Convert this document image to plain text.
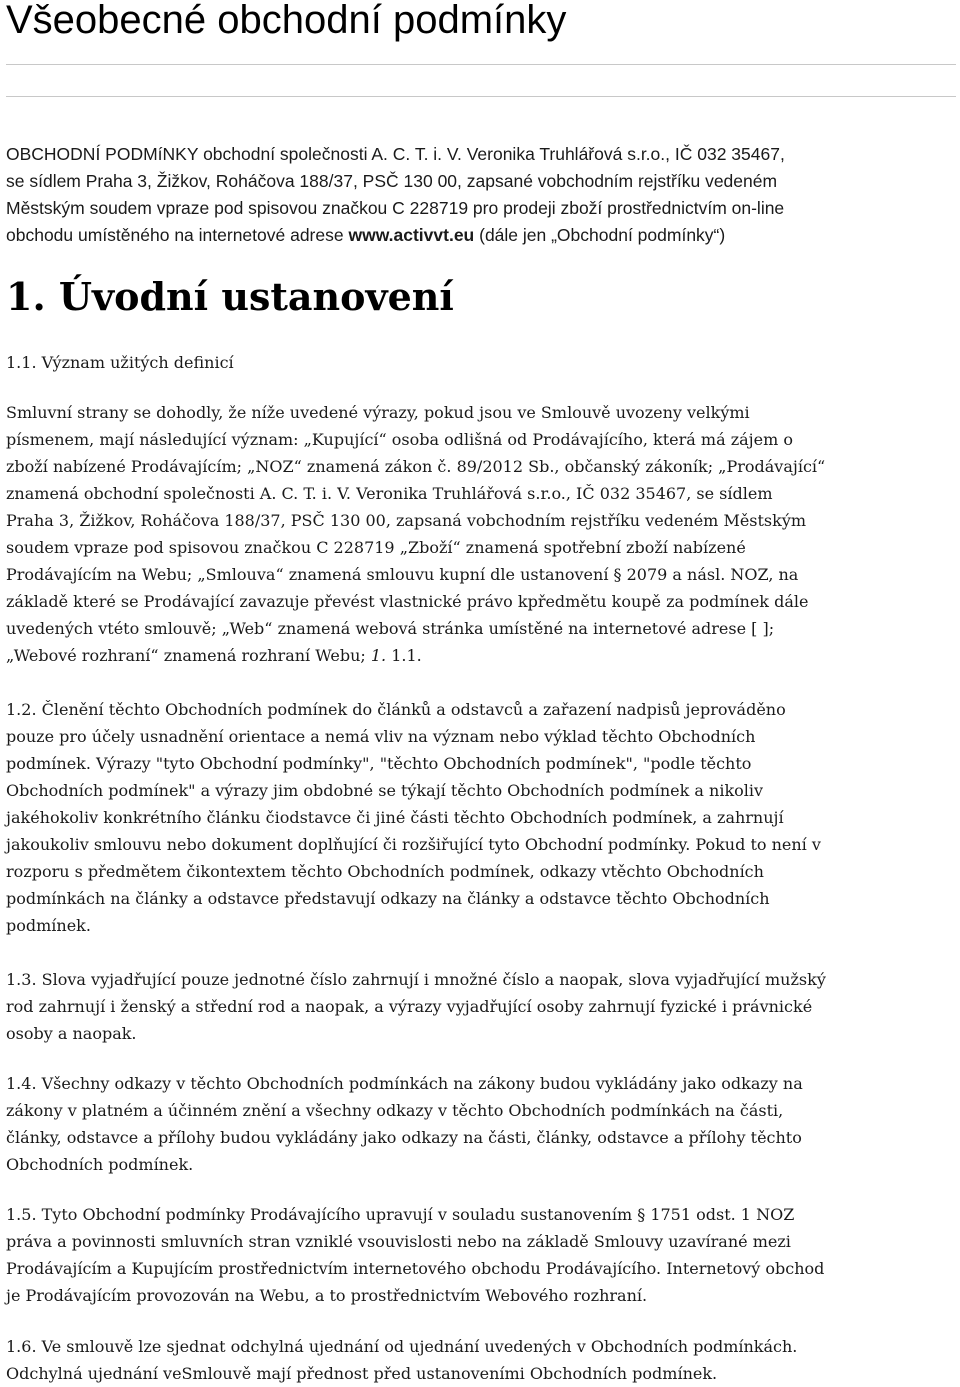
Všeobecné obchodní podmínky
OBCHODNÍ PODMíNKY obchodní společnosti A. C. T. i. V. Veronika Truhlářová s.r.o., IČ 032 35467,
se sídlem Praha 3, Žižkov, Roháčova 188/37, PSČ 130 00, zapsané vobchodním rejstříku vedeném
Městským soudem vpraze pod spisovou značkou C 228719 pro prodeji zboží prostřednictvím on-line
obchodu umístěného na internetové adrese www.activvt.eu (dále jen „Obchodní podmínky“)
1. Úvodní ustanovení
1.1. Význam užitých definicí
Smluvní strany se dohodly, že níže uvedené výrazy, pokud jsou ve Smlouvě uvozeny velkými
písmenem, mají následující význam: „Kupující“ osoba odlišná od Prodávajícího, která má zájem o
zboží nabízené Prodávajícím; „NOZ“ znamená zákon č. 89/2012 Sb., občanský zákoník; „Prodávající“
znamená obchodní společnosti A. C. T. i. V. Veronika Truhlářová s.r.o., IČ 032 35467, se sídlem
Praha 3, Žižkov, Roháčova 188/37, PSČ 130 00, zapsaná vobchodním rejstříku vedeném Městským
soudem vpraze pod spisovou značkou C 228719 „Zboží“ znamená spotřební zboží nabízené
Prodávajícím na Webu; „Smlouva“ znamená smlouvu kupní dle ustanovení § 2079 a násl. NOZ, na
základě které se Prodávající zavazuje převést vlastnické právo kpředmětu koupě za podmínek dále
uvedených vtéto smlouvě; „Web“ znamená webová stránka umístěné na internetové adrese [ ];
„Webové rozhraní“ znamená rozhraní Webu; 1. 1.1.
1.2. Členění těchto Obchodních podmínek do článků a odstavců a zařazení nadpisů jeprováděno
pouze pro účely usnadnění orientace a nemá vliv na význam nebo výklad těchto Obchodních
podmínek. Výrazy "tyto Obchodní podmínky", "těchto Obchodních podmínek", "podle těchto
Obchodních podmínek" a výrazy jim obdobné se týkají těchto Obchodních podmínek a nikoliv
jakéhokoliv konkrétního článku čiodstavce či jiné části těchto Obchodních podmínek, a zahrnují
jakoukoliv smlouvu nebo dokument doplňující či rozšiřující tyto Obchodní podmínky. Pokud to není v
rozporu s předmětem čikontextem těchto Obchodních podmínek, odkazy vtěchto Obchodních
podmínkách na články a odstavce představují odkazy na články a odstavce těchto Obchodních
podmínek.
1.3. Slova vyjadřující pouze jednotné číslo zahrnují i množné číslo a naopak, slova vyjadřující mužský
rod zahrnují i ženský a střední rod a naopak, a výrazy vyjadřující osoby zahrnují fyzické i právnické
osoby a naopak.
1.4. Všechny odkazy v těchto Obchodních podmínkách na zákony budou vykládány jako odkazy na
zákony v platném a účinném znění a všechny odkazy v těchto Obchodních podmínkách na části,
články, odstavce a přílohy budou vykládány jako odkazy na části, články, odstavce a přílohy těchto
Obchodních podmínek.
1.5. Tyto Obchodní podmínky Prodávajícího upravují v souladu sustanovením § 1751 odst. 1 NOZ
práva a povinnosti smluvních stran vzniklé vsouvislosti nebo na základě Smlouvy uzavírané mezi
Prodávajícím a Kupujícím prostřednictvím internetového obchodu Prodávajícího. Internetový obchod
je Prodávajícím provozován na Webu, a to prostřednictvím Webového rozhraní.
1.6. Ve smlouvě lze sjednat odchylná ujednání od ujednání uvedených v Obchodních podmínkách.
Odchylná ujednání veSmlouvě mají přednost před ustanoveními Obchodních podmínek.
